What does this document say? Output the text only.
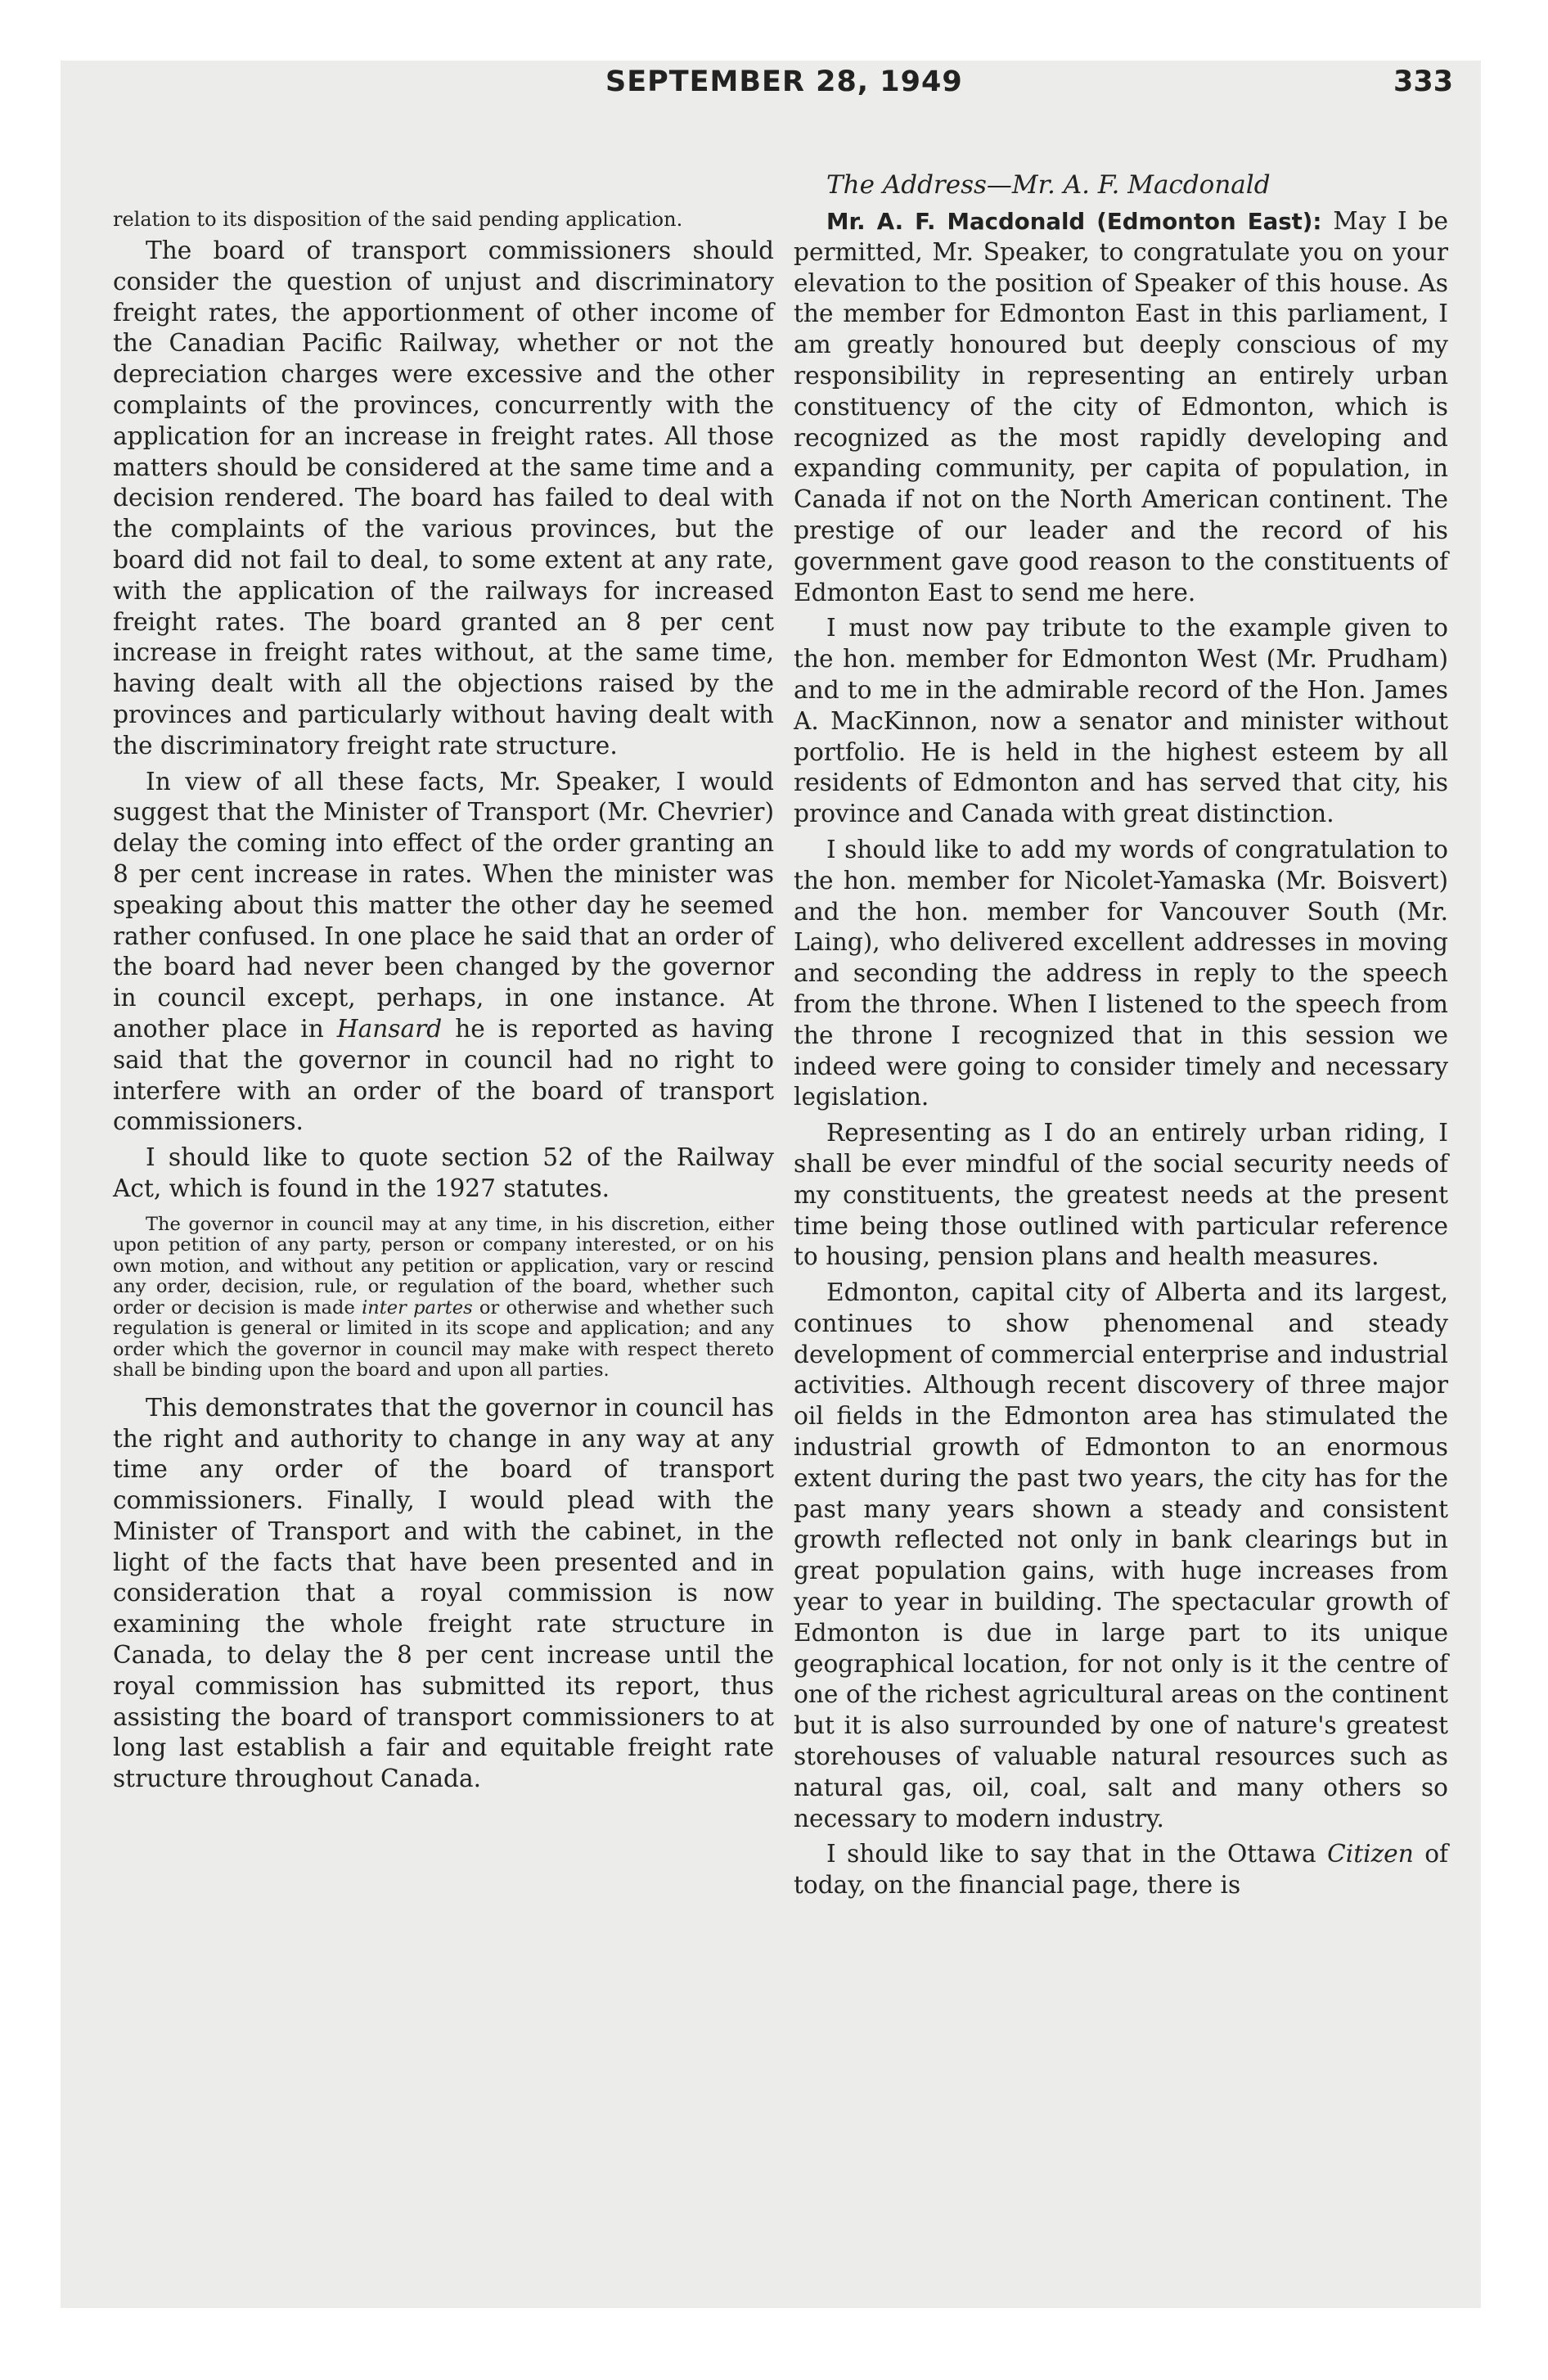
SEPTEMBER 28, 1949	333

relation to its disposition of the said pending application.

The board of transport commissioners should consider the question of unjust and discriminatory freight rates, the apportionment of other income of the Canadian Pacific Railway, whether or not the depreciation charges were excessive and the other complaints of the provinces, concurrently with the application for an increase in freight rates. All those matters should be considered at the same time and a decision rendered. The board has failed to deal with the complaints of the various provinces, but the board did not fail to deal, to some extent at any rate, with the application of the railways for increased freight rates. The board granted an 8 per cent increase in freight rates without, at the same time, having dealt with all the objections raised by the provinces and particularly without having dealt with the discriminatory freight rate structure.

In view of all these facts, Mr. Speaker, I would suggest that the Minister of Transport (Mr. Chevrier) delay the coming into effect of the order granting an 8 per cent increase in rates. When the minister was speaking about this matter the other day he seemed rather confused. In one place he said that an order of the board had never been changed by the governor in council except, perhaps, in one instance. At another place in Hansard he is reported as having said that the governor in council had no right to interfere with an order of the board of transport commissioners.

I should like to quote section 52 of the Railway Act, which is found in the 1927 statutes.

The governor in council may at any time, in his discretion, either upon petition of any party, person or company interested, or on his own motion, and without any petition or application, vary or rescind any order, decision, rule, or regulation of the board, whether such order or decision is made inter partes or otherwise and whether such regulation is general or limited in its scope and application; and any order which the governor in council may make with respect thereto shall be binding upon the board and upon all parties.

This demonstrates that the governor in council has the right and authority to change in any way at any time any order of the board of transport commissioners. Finally, I would plead with the Minister of Transport and with the cabinet, in the light of the facts that have been presented and in consideration that a royal commission is now examining the whole freight rate structure in Canada, to delay the 8 per cent increase until the royal commission has submitted its report, thus assisting the board of transport commissioners to at long last establish a fair and equitable freight rate structure throughout Canada.

The Address—Mr. A. F. Macdonald

Mr. A. F. Macdonald (Edmonton East): May I be permitted, Mr. Speaker, to congratulate you on your elevation to the position of Speaker of this house. As the member for Edmonton East in this parliament, I am greatly honoured but deeply conscious of my responsibility in representing an entirely urban constituency of the city of Edmonton, which is recognized as the most rapidly developing and expanding community, per capita of population, in Canada if not on the North American continent. The prestige of our leader and the record of his government gave good reason to the constituents of Edmonton East to send me here.

I must now pay tribute to the example given to the hon. member for Edmonton West (Mr. Prudham) and to me in the admirable record of the Hon. James A. MacKinnon, now a senator and minister without portfolio. He is held in the highest esteem by all residents of Edmonton and has served that city, his province and Canada with great distinction.

I should like to add my words of congratulation to the hon. member for Nicolet-Yamaska (Mr. Boisvert) and the hon. member for Vancouver South (Mr. Laing), who delivered excellent addresses in moving and seconding the address in reply to the speech from the throne. When I listened to the speech from the throne I recognized that in this session we indeed were going to consider timely and necessary legislation.

Representing as I do an entirely urban riding, I shall be ever mindful of the social security needs of my constituents, the greatest needs at the present time being those outlined with particular reference to housing, pension plans and health measures.

Edmonton, capital city of Alberta and its largest, continues to show phenomenal and steady development of commercial enterprise and industrial activities. Although recent discovery of three major oil fields in the Edmonton area has stimulated the industrial growth of Edmonton to an enormous extent during the past two years, the city has for the past many years shown a steady and consistent growth reflected not only in bank clearings but in great population gains, with huge increases from year to year in building. The spectacular growth of Edmonton is due in large part to its unique geographical location, for not only is it the centre of one of the richest agricultural areas on the continent but it is also surrounded by one of nature's greatest storehouses of valuable natural resources such as natural gas, oil, coal, salt and many others so necessary to modern industry.

I should like to say that in the Ottawa Citizen of today, on the financial page, there is
